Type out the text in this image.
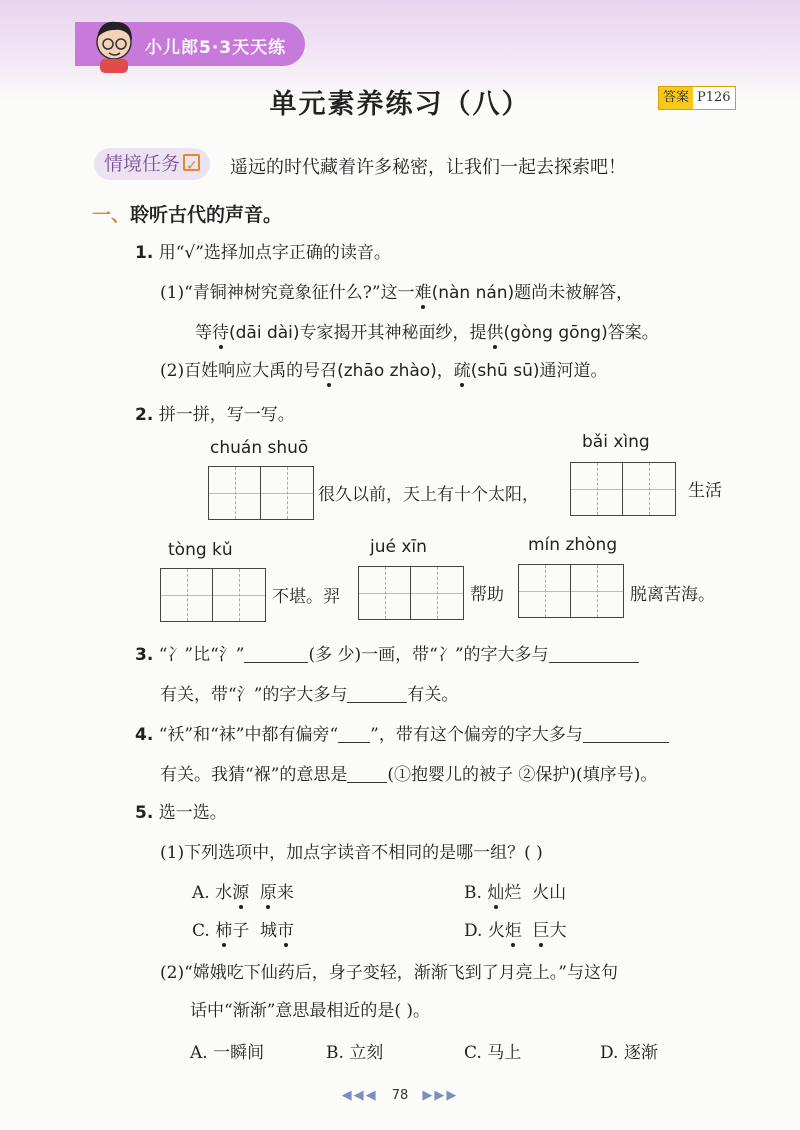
小儿郎5·3天天练
单元素养练习（八）	答案 P126
情境任务✓	遥远的时代藏着许多秘密，让我们一起去探索吧！
一、聆听古代的声音。
1. 用“√”选择加点字正确的读音。
(1)“青铜神树究竟象征什么?”这一难(nàn nán)题尚未被解答，
等待(dāi dài)专家揭开其神秘面纱，提供(gòng gōng)答案。
(2)百姓响应大禹的号召(zhāo zhào)，疏(shū sū)通河道。
2. 拼一拼，写一写。
chuán shuō
很久以前，天上有十个太阳，
bǎi xìng
生活
tòng kǔ
不堪。羿
jué xīn
帮助
mín zhòng
脱离苦海。
3. “冫”比“氵”	(多 少)一画，带“冫”的字大多与
有关，带“氵”的字大多与	有关。
4. “袄”和“袜”中都有偏旁“ ”，带有这个偏旁的字大多与
有关。我猜“褓”的意思是 (①抱婴儿的被子 ②保护)(填序号)。
5. 选一选。
(1)下列选项中，加点字读音不相同的是哪一组？( )
A. 水源 原来	B. 灿烂  火山
C. 柿子  城市	D. 火炬 巨大
(2)“嫦娥吃下仙药后，身子变轻，渐渐飞到了月亮上。”与这句
话中“渐渐”意思最相近的是( )。
A. 一瞬间	B. 立刻	C. 马上	D. 逐渐
◀◀◀ 78 ▶▶▶
